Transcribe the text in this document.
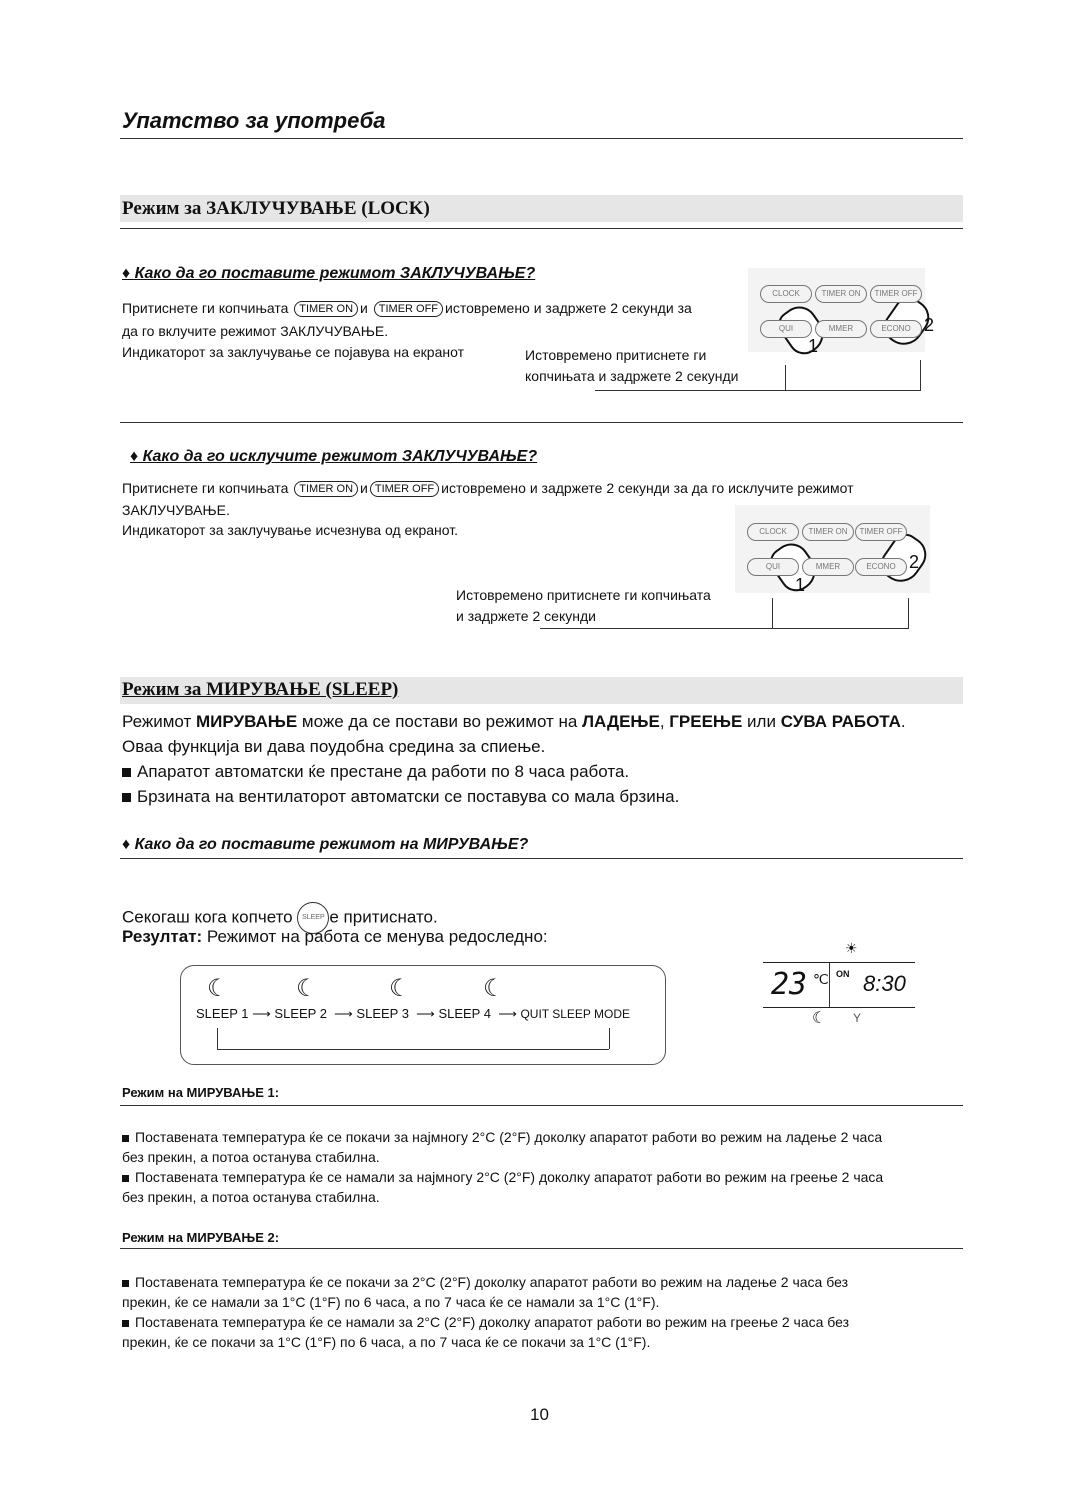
Упатство за употреба
Режим за ЗАКЛУЧУВАЊЕ (LOCK)
♦ Како да го поставите режимот ЗАКЛУЧУВАЊЕ?
Притиснете ги копчињата TIMER ON и TIMER OFF истовремено и задржете 2 секунди за
да го вклучите режимот ЗАКЛУЧУВАЊЕ.
Индикаторот за заклучување се појавува на екранот	Истовремено притиснете ги
копчињата и задржете 2 секунди
CLOCK	TIMER ON	TIMER OFF
QUI	MMER	ECONO
1
2
♦ Како да го исклучите режимот ЗАКЛУЧУВАЊЕ?
Притиснете ги копчињата TIMER ON и TIMER OFF истовремено и задржете 2 секунди за да го исклучите режимот
ЗАКЛУЧУВАЊЕ.
Индикаторот за заклучување исчезнува од екранот.
Истовремено притиснете ги копчињата
и задржете 2 секунди
CLOCK	TIMER ON	TIMER OFF
QUI	MMER	ECONO
1
2
Режим за МИРУВАЊЕ (SLEEP)
Режимот МИРУВАЊЕ може да се постави во режимот на ЛАДЕЊЕ, ГРЕЕЊЕ или СУВА РАБОТА.
Оваа функција ви дава поудобна средина за спиење.
Апаратот автоматски ќе престане да работи по 8 часа работа.
Брзината на вентилаторот автоматски се поставува со мала брзина.
♦ Како да го поставите режимот на МИРУВАЊЕ?
Секогаш кога копчето SLEEP е притиснато.
Резултат: Режимот на работа се менува редоследно:
☾	☾	☾	☾
SLEEP 1 ⟶ SLEEP 2  ⟶ SLEEP 3  ⟶ SLEEP 4  ⟶ QUIT SLEEP MODE
☀
23 ℃ ON 8:30
☾ Y
Режим на МИРУВАЊЕ 1:
Поставената температура ќе се покачи за најмногу 2°C (2°F) доколку апаратот работи во режим на ладење 2 часа
без прекин, а потоа останува стабилна.
Поставената температура ќе се намали за најмногу 2°C (2°F) доколку апаратот работи во режим на греење 2 часа
без прекин, а потоа останува стабилна.
Режим на МИРУВАЊЕ 2:
Поставената температура ќе се покачи за 2°C (2°F) доколку апаратот работи во режим на ладење 2 часа без
прекин, ќе се намали за 1°C (1°F) по 6 часа, а по 7 часа ќе се намали за 1°C (1°F).
Поставената температура ќе се намали за 2°C (2°F) доколку апаратот работи во режим на греење 2 часа без
прекин, ќе се покачи за 1°C (1°F) по 6 часа, а по 7 часа ќе се покачи за 1°C (1°F).
10
